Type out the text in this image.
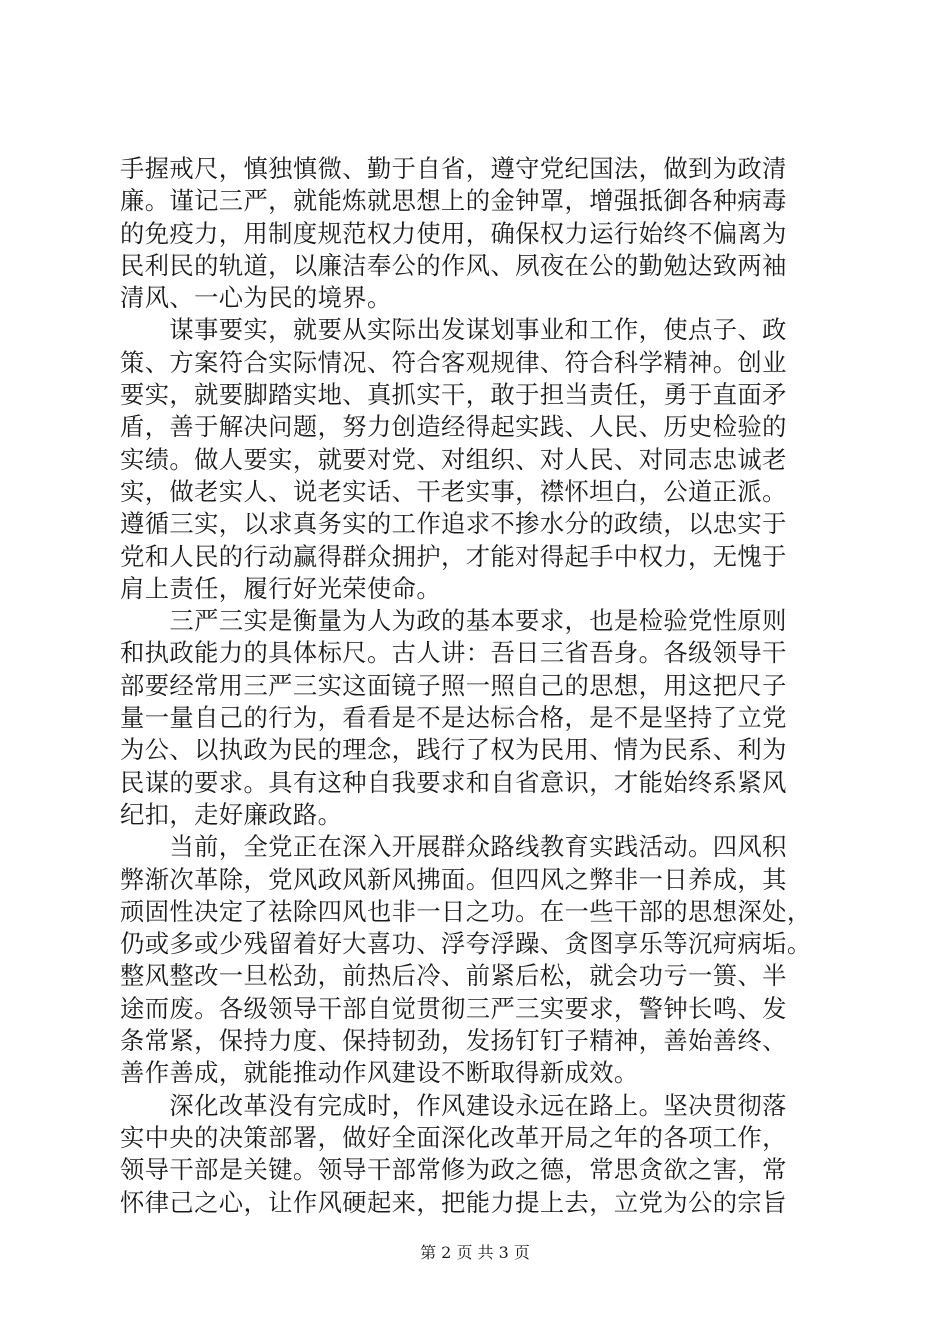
手握戒尺，慎独慎微、勤于自省，遵守党纪国法，做到为政清
廉。谨记三严，就能炼就思想上的金钟罩，增强抵御各种病毒
的免疫力，用制度规范权力使用，确保权力运行始终不偏离为
民利民的轨道，以廉洁奉公的作风、夙夜在公的勤勉达致两袖
清风、一心为民的境界。
　　谋事要实，就要从实际出发谋划事业和工作，使点子、政
策、方案符合实际情况、符合客观规律、符合科学精神。创业
要实，就要脚踏实地、真抓实干，敢于担当责任，勇于直面矛
盾，善于解决问题，努力创造经得起实践、人民、历史检验的
实绩。做人要实，就要对党、对组织、对人民、对同志忠诚老
实，做老实人、说老实话、干老实事，襟怀坦白，公道正派。
遵循三实，以求真务实的工作追求不掺水分的政绩，以忠实于
党和人民的行动赢得群众拥护，才能对得起手中权力，无愧于
肩上责任，履行好光荣使命。
　　三严三实是衡量为人为政的基本要求，也是检验党性原则
和执政能力的具体标尺。古人讲：吾日三省吾身。各级领导干
部要经常用三严三实这面镜子照一照自己的思想，用这把尺子
量一量自己的行为，看看是不是达标合格，是不是坚持了立党
为公、以执政为民的理念，践行了权为民用、情为民系、利为
民谋的要求。具有这种自我要求和自省意识，才能始终系紧风
纪扣，走好廉政路。
　　当前，全党正在深入开展群众路线教育实践活动。四风积
弊渐次革除，党风政风新风拂面。但四风之弊非一日养成，其
顽固性决定了祛除四风也非一日之功。在一些干部的思想深处，
仍或多或少残留着好大喜功、浮夸浮躁、贪图享乐等沉疴病垢。
整风整改一旦松劲，前热后冷、前紧后松，就会功亏一篑、半
途而废。各级领导干部自觉贯彻三严三实要求，警钟长鸣、发
条常紧，保持力度、保持韧劲，发扬钉钉子精神，善始善终、
善作善成，就能推动作风建设不断取得新成效。
　　深化改革没有完成时，作风建设永远在路上。坚决贯彻落
实中央的决策部署，做好全面深化改革开局之年的各项工作，
领导干部是关键。领导干部常修为政之德，常思贪欲之害，常
怀律己之心，让作风硬起来，把能力提上去，立党为公的宗旨
第 2 页 共 3 页
